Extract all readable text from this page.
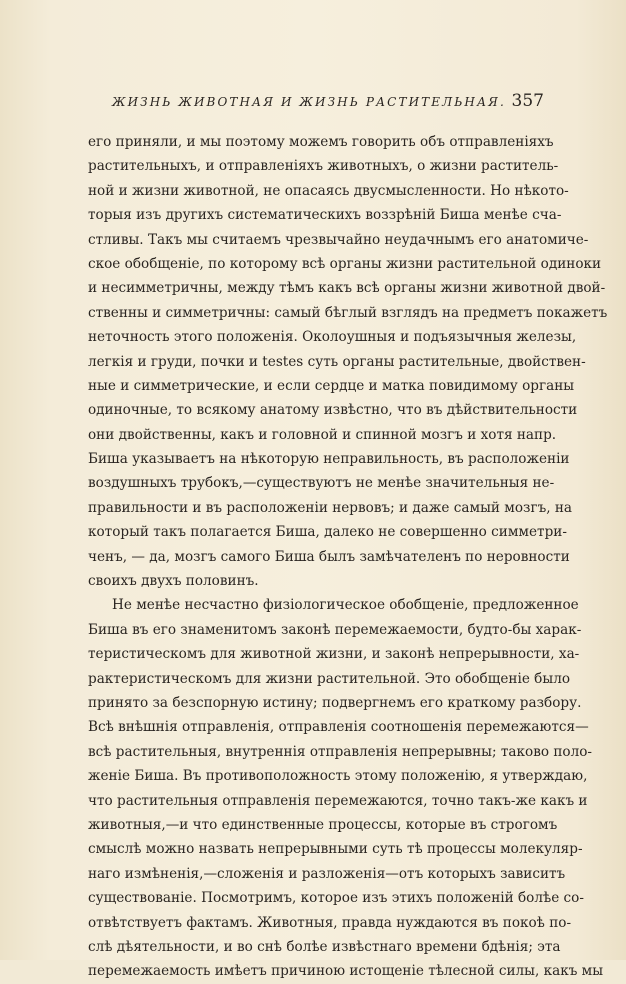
ЖИЗНЬ ЖИВОТНАЯ И ЖИЗНЬ РАСТИТЕЛЬНАЯ. 357
его приняли, и мы поэтому можемъ говорить объ отправленіяхъ
растительныхъ, и отправленіяхъ животныхъ, о жизни раститель-
ной и жизни животной, не опасаясь двусмысленности. Но нѣкото-
торыя изъ другихъ систематическихъ воззрѣній Биша менѣе сча-
стливы. Такъ мы считаемъ чрезвычайно неудачнымъ его анатомиче-
ское обобщеніе, по которому всѣ органы жизни растительной одиноки
и несимметричны, между тѣмъ какъ всѣ органы жизни животной двой-
ственны и симметричны: самый бѣглый взглядъ на предметъ покажетъ
неточность этого положенія. Околоушныя и подъязычныя железы,
легкія и груди, почки и testes суть органы растительные, двойствен-
ные и симметрические, и если сердце и матка повидимому органы
одиночные, то всякому анатому извѣстно, что въ дѣйствительности
они двойственны, какъ и головной и спинной мозгъ и хотя напр.
Биша указываетъ на нѣкоторую неправильность, въ расположеніи
воздушныхъ трубокъ,—существуютъ не менѣе значительныя не-
правильности и въ расположеніи нервовъ; и даже самый мозгъ, на
который такъ полагается Биша, далеко не совершенно симметри-
ченъ, — да, мозгъ самого Биша былъ замѣчателенъ по неровности
своихъ двухъ половинъ.
Не менѣе несчастно физіологическое обобщеніе, предложенное
Биша въ его знаменитомъ законѣ перемежаемости, будто-бы харак-
теристическомъ для животной жизни, и законѣ непрерывности, ха-
рактеристическомъ для жизни растительной. Это обобщеніе было
принято за безспорную истину; подвергнемъ его краткому разбору.
Всѣ внѣшнія отправленія, отправленія соотношенія перемежаются—
всѣ растительныя, внутреннія отправленія непрерывны; таково поло-
женіе Биша. Въ противоположность этому положенію, я утверждаю,
что растительныя отправленія перемежаются, точно такъ-же какъ и
животныя,—и что единственные процессы, которые въ строгомъ
смыслѣ можно назвать непрерывными суть тѣ процессы молекуляр-
наго измѣненія,—сложенія и разложенія—отъ которыхъ зависитъ
существованіе. Посмотримъ, которое изъ этихъ положеній болѣе со-
отвѣтствуетъ фактамъ. Животныя, правда нуждаются въ покоѣ по-
слѣ дѣятельности, и во снѣ болѣе извѣстнаго времени бдѣнія; эта
перемежаемость имѣетъ причиною истощеніе тѣлесной силы, какъ мы
